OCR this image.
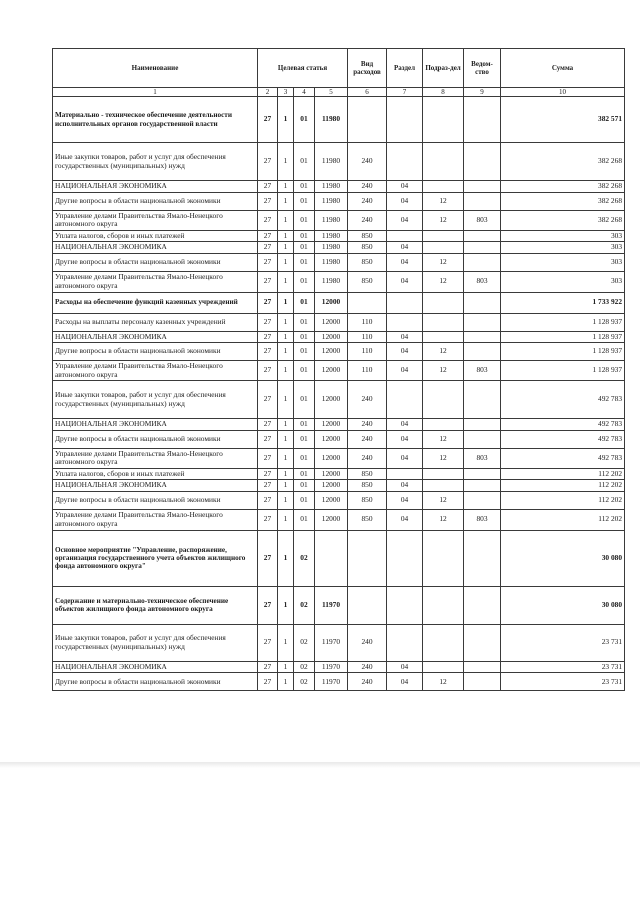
Наименование	Целевая статья				Вид расходов	Раздел	Подраз-дел	Ведом-ство	Сумма
1	2	3	4	5	6	7	8	9	10
Материально - техническое обеспечение деятельности исполнительных органов государственной власти	27	1	01	11980					382 571
Иные закупки товаров, работ и услуг для обеспечения государственных (муниципальных) нужд	27	1	01	11980	240				382 268
НАЦИОНАЛЬНАЯ ЭКОНОМИКА	27	1	01	11980	240	04			382 268
Другие вопросы в области национальной экономики	27	1	01	11980	240	04	12		382 268
Управление делами Правительства Ямало-Ненецкого автономного округа	27	1	01	11980	240	04	12	803	382 268
Уплата налогов, сборов и иных платежей	27	1	01	11980	850				303
НАЦИОНАЛЬНАЯ ЭКОНОМИКА	27	1	01	11980	850	04			303
Другие вопросы в области национальной экономики	27	1	01	11980	850	04	12		303
Управление делами Правительства Ямало-Ненецкого автономного округа	27	1	01	11980	850	04	12	803	303
Расходы на обеспечение функций казенных учреждений	27	1	01	12000					1 733 922
Расходы на выплаты персоналу казенных учреждений	27	1	01	12000	110				1 128 937
НАЦИОНАЛЬНАЯ ЭКОНОМИКА	27	1	01	12000	110	04			1 128 937
Другие вопросы в области национальной экономики	27	1	01	12000	110	04	12		1 128 937
Управление делами Правительства Ямало-Ненецкого автономного округа	27	1	01	12000	110	04	12	803	1 128 937
Иные закупки товаров, работ и услуг для обеспечения государственных (муниципальных) нужд	27	1	01	12000	240				492 783
НАЦИОНАЛЬНАЯ ЭКОНОМИКА	27	1	01	12000	240	04			492 783
Другие вопросы в области национальной экономики	27	1	01	12000	240	04	12		492 783
Управление делами Правительства Ямало-Ненецкого автономного округа	27	1	01	12000	240	04	12	803	492 783
Уплата налогов, сборов и иных платежей	27	1	01	12000	850				112 202
НАЦИОНАЛЬНАЯ ЭКОНОМИКА	27	1	01	12000	850	04			112 202
Другие вопросы в области национальной экономики	27	1	01	12000	850	04	12		112 202
Управление делами Правительства Ямало-Ненецкого автономного округа	27	1	01	12000	850	04	12	803	112 202
Основное мероприятие "Управление, распоряжение, организация государственного учета объектов жилищного фонда автономного округа"	27	1	02						30 080
Содержание и материально-техническое обеспечение объектов жилищного фонда автономного округа	27	1	02	11970					30 080
Иные закупки товаров, работ и услуг для обеспечения государственных (муниципальных) нужд	27	1	02	11970	240				23 731
НАЦИОНАЛЬНАЯ ЭКОНОМИКА	27	1	02	11970	240	04			23 731
Другие вопросы в области национальной экономики	27	1	02	11970	240	04	12		23 731
